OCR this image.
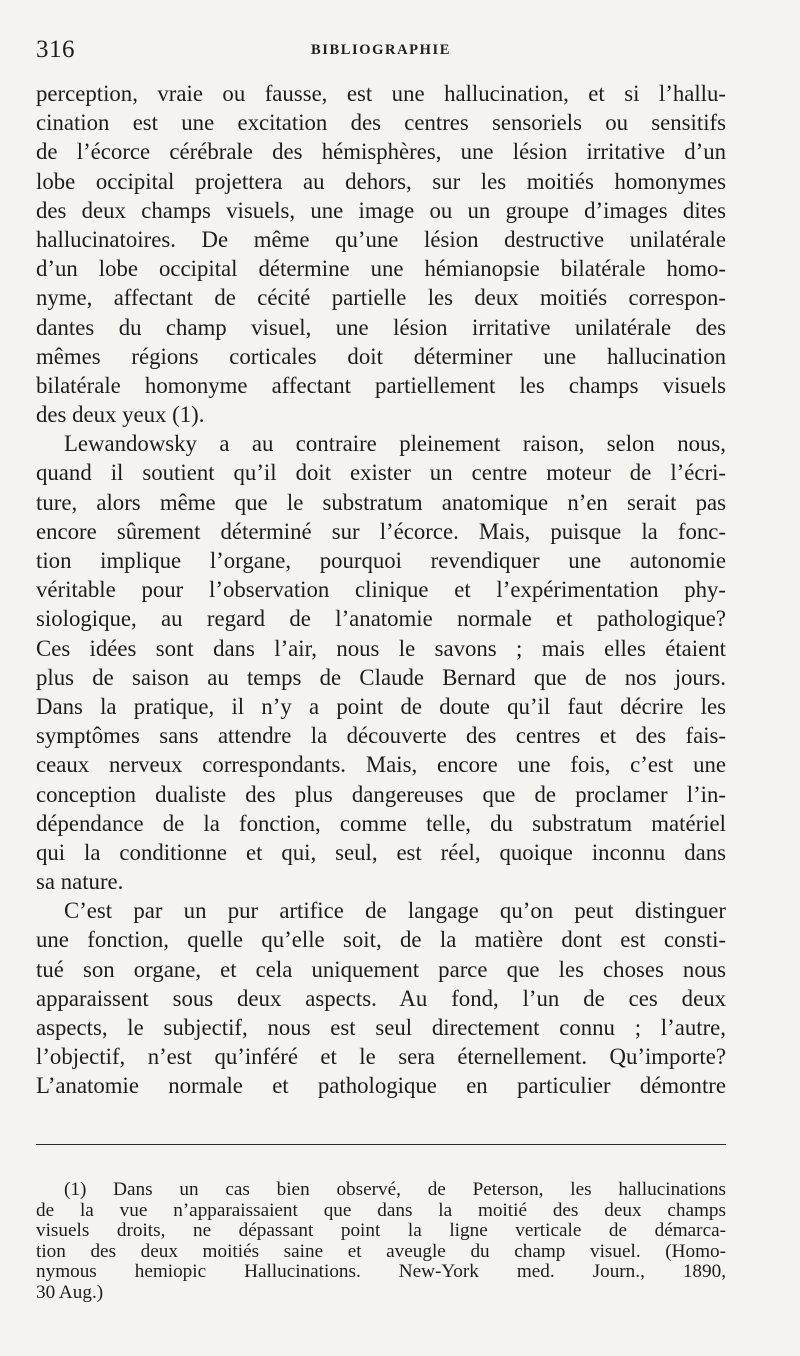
316	BIBLIOGRAPHIE
perception, vraie ou fausse, est une hallucination, et si l’hallu-
cination est une excitation des centres sensoriels ou sensitifs
de l’écorce cérébrale des hémisphères, une lésion irritative d’un
lobe occipital projettera au dehors, sur les moitiés homonymes
des deux champs visuels, une image ou un groupe d’images dites
hallucinatoires. De même qu’une lésion destructive unilatérale
d’un lobe occipital détermine une hémianopsie bilatérale homo-
nyme, affectant de cécité partielle les deux moitiés correspon-
dantes du champ visuel, une lésion irritative unilatérale des
mêmes régions corticales doit déterminer une hallucination
bilatérale homonyme affectant partiellement les champs visuels
des deux yeux (1).
Lewandowsky a au contraire pleinement raison, selon nous,
quand il soutient qu’il doit exister un centre moteur de l’écri-
ture, alors même que le substratum anatomique n’en serait pas
encore sûrement déterminé sur l’écorce. Mais, puisque la fonc-
tion implique l’organe, pourquoi revendiquer une autonomie
véritable pour l’observation clinique et l’expérimentation phy-
siologique, au regard de l’anatomie normale et pathologique?
Ces idées sont dans l’air, nous le savons ; mais elles étaient
plus de saison au temps de Claude Bernard que de nos jours.
Dans la pratique, il n’y a point de doute qu’il faut décrire les
symptômes sans attendre la découverte des centres et des fais-
ceaux nerveux correspondants. Mais, encore une fois, c’est une
conception dualiste des plus dangereuses que de proclamer l’in-
dépendance de la fonction, comme telle, du substratum matériel
qui la conditionne et qui, seul, est réel, quoique inconnu dans
sa nature.
C’est par un pur artifice de langage qu’on peut distinguer
une fonction, quelle qu’elle soit, de la matière dont est consti-
tué son organe, et cela uniquement parce que les choses nous
apparaissent sous deux aspects. Au fond, l’un de ces deux
aspects, le subjectif, nous est seul directement connu ; l’autre,
l’objectif, n’est qu’inféré et le sera éternellement. Qu’importe?
L’anatomie normale et pathologique en particulier démontre
(1) Dans un cas bien observé, de Peterson, les hallucinations
de la vue n’apparaissaient que dans la moitié des deux champs
visuels droits, ne dépassant point la ligne verticale de démarca-
tion des deux moitiés saine et aveugle du champ visuel. (Homo-
nymous hemiopic Hallucinations. New-York med. Journ., 1890,
30 Aug.)
